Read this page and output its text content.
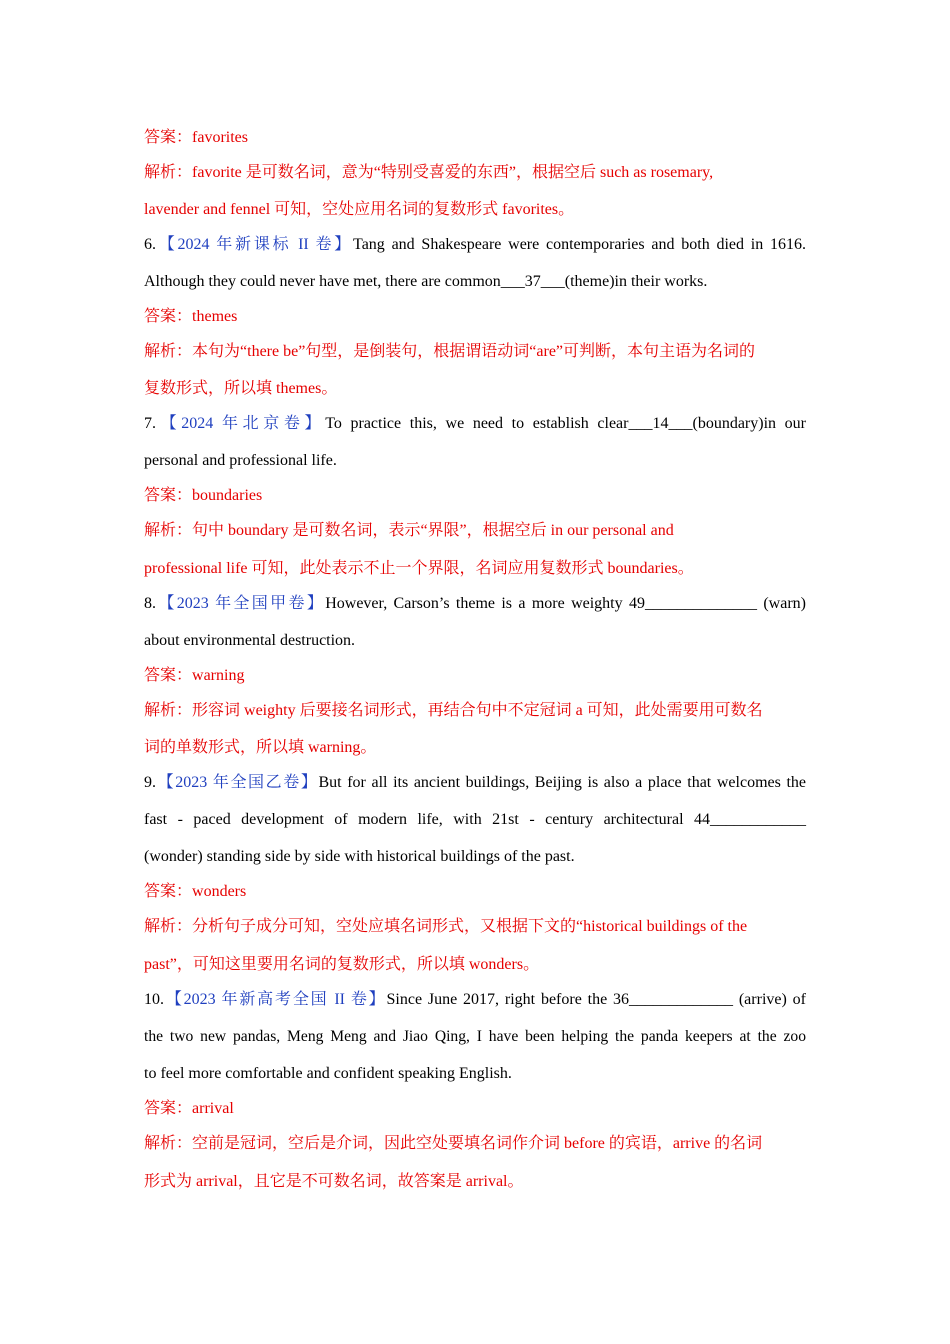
答案：favorites
解析：favorite 是可数名词，意为“特别受喜爱的东西”，根据空后 such as rosemary,
lavender and fennel 可知，空处应用名词的复数形式 favorites。
6.【2024 年新课标 II 卷】Tang and Shakespeare were contemporaries and both died in 1616.
Although they could never have met, there are common___37___(theme)in their works.
答案：themes
解析：本句为“there be”句型，是倒装句，根据谓语动词“are”可判断，本句主语为名词的
复数形式，所以填 themes。
7.【2024 年北京卷】To practice this, we need to establish clear___14___(boundary)in our
personal and professional life.
答案：boundaries
解析：句中 boundary 是可数名词，表示“界限”，根据空后 in our personal and
professional life 可知，此处表示不止一个界限，名词应用复数形式 boundaries。
8.【2023 年全国甲卷】However, Carson’s theme is a more weighty 49______________ (warn)
about environmental destruction.
答案：warning
解析：形容词 weighty 后要接名词形式，再结合句中不定冠词 a 可知，此处需要用可数名
词的单数形式，所以填 warning。
9.【2023 年全国乙卷】But for all its ancient buildings, Beijing is also a place that welcomes the
fast - paced development of modern life, with 21st - century architectural 44____________
(wonder) standing side by side with historical buildings of the past.
答案：wonders
解析：分析句子成分可知，空处应填名词形式，又根据下文的“historical buildings of the
past”，可知这里要用名词的复数形式，所以填 wonders。
10.【2023 年新高考全国 II 卷】Since June 2017, right before the 36_____________ (arrive) of
the two new pandas, Meng Meng and Jiao Qing, I have been helping the panda keepers at the zoo
to feel more comfortable and confident speaking English.
答案：arrival
解析：空前是冠词，空后是介词，因此空处要填名词作介词 before 的宾语，arrive 的名词
形式为 arrival，且它是不可数名词，故答案是 arrival。
